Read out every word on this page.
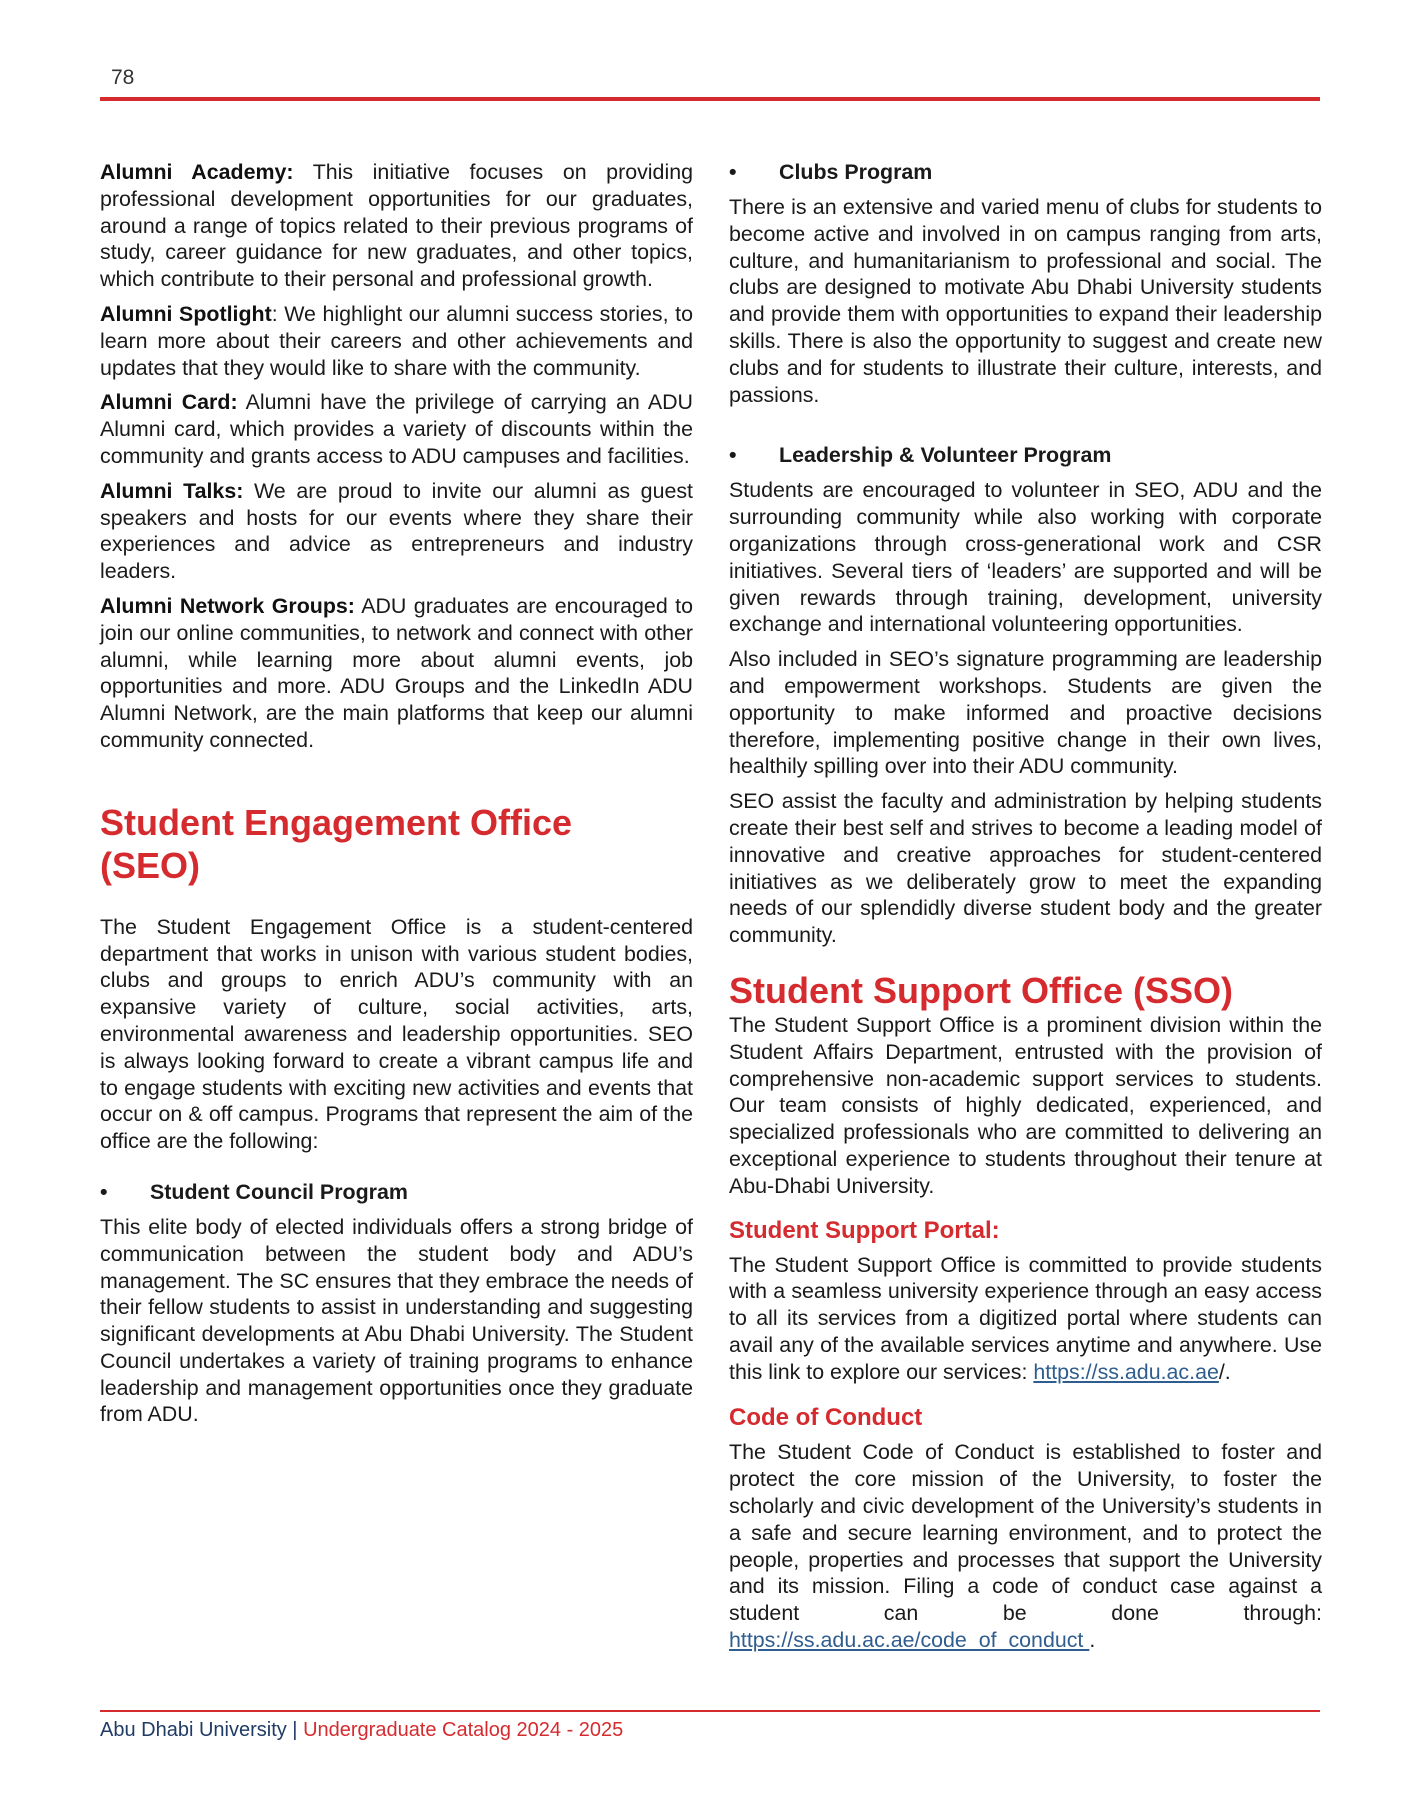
78

Alumni Academy: This initiative focuses on providing professional development opportunities for our graduates, around a range of topics related to their previous programs of study, career guidance for new graduates, and other topics, which contribute to their personal and professional growth.

Alumni Spotlight: We highlight our alumni success stories, to learn more about their careers and other achievements and updates that they would like to share with the community.

Alumni Card: Alumni have the privilege of carrying an ADU Alumni card, which provides a variety of discounts within the community and grants access to ADU campuses and facilities.

Alumni Talks: We are proud to invite our alumni as guest speakers and hosts for our events where they share their experiences and advice as entrepreneurs and industry leaders.

Alumni Network Groups: ADU graduates are encouraged to join our online communities, to network and connect with other alumni, while learning more about alumni events, job opportunities and more. ADU Groups and the LinkedIn ADU Alumni Network, are the main platforms that keep our alumni community connected.

Student Engagement Office (SEO)

The Student Engagement Office is a student-centered department that works in unison with various student bodies, clubs and groups to enrich ADU’s community with an expansive variety of culture, social activities, arts, environmental awareness and leadership opportunities. SEO is always looking forward to create a vibrant campus life and to engage students with exciting new activities and events that occur on & off campus. Programs that represent the aim of the office are the following:

• Student Council Program

This elite body of elected individuals offers a strong bridge of communication between the student body and ADU’s management. The SC ensures that they embrace the needs of their fellow students to assist in understanding and suggesting significant developments at Abu Dhabi University. The Student Council undertakes a variety of training programs to enhance leadership and management opportunities once they graduate from ADU.

• Clubs Program

There is an extensive and varied menu of clubs for students to become active and involved in on campus ranging from arts, culture, and humanitarianism to professional and social. The clubs are designed to motivate Abu Dhabi University students and provide them with opportunities to expand their leadership skills. There is also the opportunity to suggest and create new clubs and for students to illustrate their culture, interests, and passions.

• Leadership & Volunteer Program

Students are encouraged to volunteer in SEO, ADU and the surrounding community while also working with corporate organizations through cross-generational work and CSR initiatives. Several tiers of ‘leaders’ are supported and will be given rewards through training, development, university exchange and international volunteering opportunities.

Also included in SEO’s signature programming are leadership and empowerment workshops. Students are given the opportunity to make informed and proactive decisions therefore, implementing positive change in their own lives, healthily spilling over into their ADU community.

SEO assist the faculty and administration by helping students create their best self and strives to become a leading model of innovative and creative approaches for student-centered initiatives as we deliberately grow to meet the expanding needs of our splendidly diverse student body and the greater community.

Student Support Office (SSO)

The Student Support Office is a prominent division within the Student Affairs Department, entrusted with the provision of comprehensive non-academic support services to students. Our team consists of highly dedicated, experienced, and specialized professionals who are committed to delivering an exceptional experience to students throughout their tenure at Abu-Dhabi University.

Student Support Portal:

The Student Support Office is committed to provide students with a seamless university experience through an easy access to all its services from a digitized portal where students can avail any of the available services anytime and anywhere. Use this link to explore our services: https://ss.adu.ac.ae/.

Code of Conduct

The Student Code of Conduct is established to foster and protect the core mission of the University, to foster the scholarly and civic development of the University’s students in a safe and secure learning environment, and to protect the people, properties and processes that support the University and its mission. Filing a code of conduct case against a student can be done through: https://ss.adu.ac.ae/code_of_conduct .

Abu Dhabi University | Undergraduate Catalog 2024 - 2025
